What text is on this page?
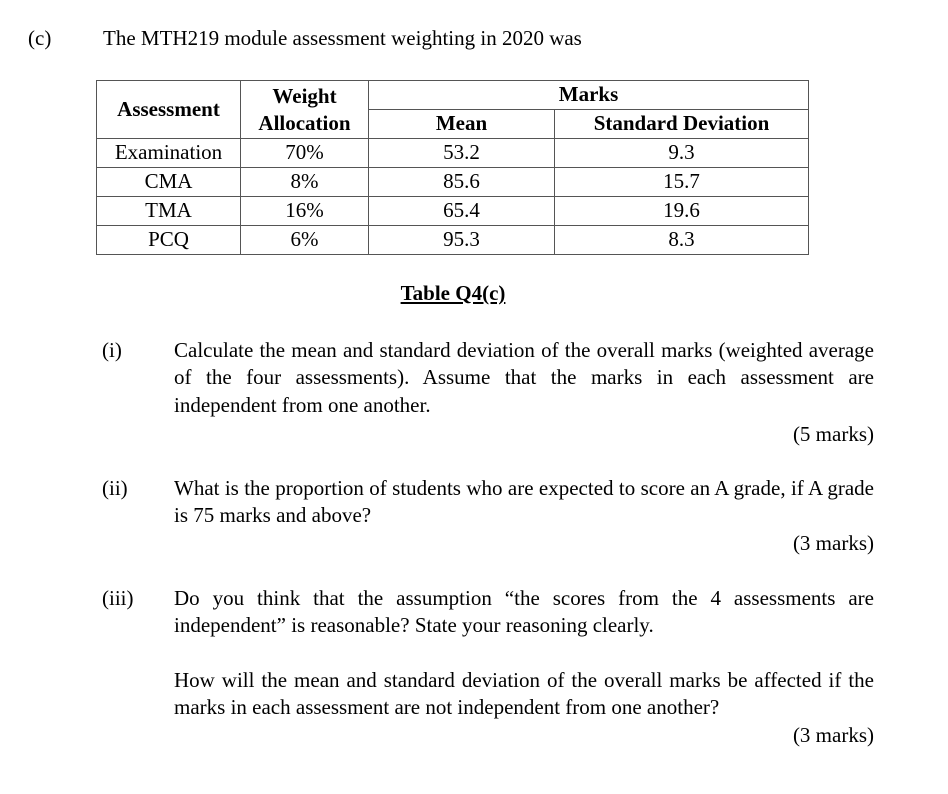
(c) The MTH219 module assessment weighting in 2020 was
Assessment	Weight Allocation	Marks	
		Mean	Standard Deviation
Examination	70%	53.2	9.3
CMA	8%	85.6	15.7
TMA	16%	65.4	19.6
PCQ	6%	95.3	8.3
Table Q4(c)
(i) Calculate the mean and standard deviation of the overall marks (weighted average of the four assessments). Assume that the marks in each assessment are independent from one another.
(5 marks)
(ii) What is the proportion of students who are expected to score an A grade, if A grade is 75 marks and above?
(3 marks)
(iii) Do you think that the assumption “the scores from the 4 assessments are independent” is reasonable? State your reasoning clearly.
How will the mean and standard deviation of the overall marks be affected if the marks in each assessment are not independent from one another?
(3 marks)
